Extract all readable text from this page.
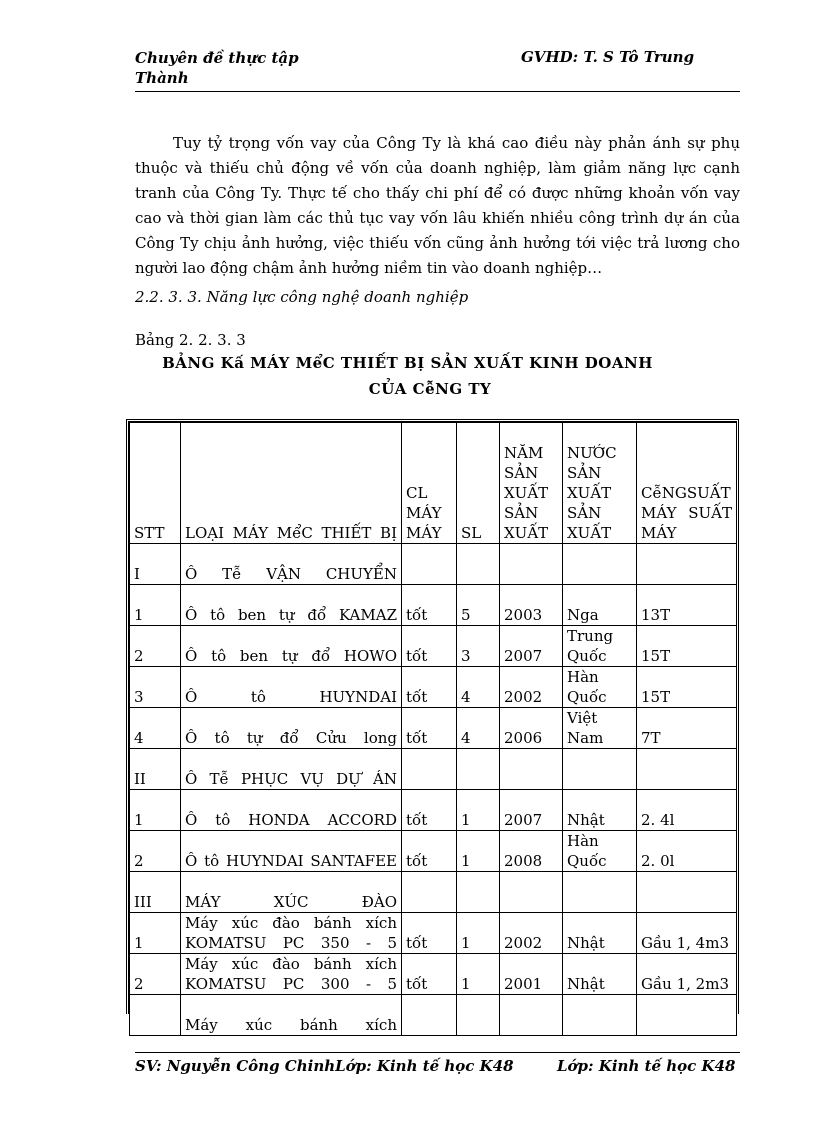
Chuyên đề thực tập
Thành
GVHD: T. S Tô Trung
Tuy tỷ trọng vốn vay của Công Ty là khá cao điều này phản ánh sự phụ thuộc và thiếu chủ động về vốn của doanh nghiệp, làm giảm năng lực cạnh tranh của Công Ty. Thực tế cho thấy chi phí để có được những khoản vốn vay cao và thời gian làm các thủ tục vay vốn lâu khiến nhiều công trình dự án của Công Ty chịu ảnh hưởng, việc thiếu vốn cũng ảnh hưởng tới việc trả lương cho người lao động chậm ảnh hưởng niềm tin vào doanh nghiệp…
2.2. 3. 3. Năng lực công nghệ doanh nghiệp
Bảng 2. 2. 3. 3
BẢNG Kấ MÁY MểC THIẾT BỊ SẢN XUẤT KINH DOANH
CỦA CễNG TY
STT	LOẠI MÁY MểC THIẾT BỊ	CL MÁY MÁY	SL	NĂM SẢN XUẤT SẢN XUẤT	NƯỚC SẢN XUẤT SẢN XUẤT	CễNGSUẤT MÁY SUẤT MÁY
I	Ô Tễ VẬN CHUYỂN					
1	Ô tô ben tự đổ KAMAZ	tốt	5	2003	Nga	13T
2	Ô tô ben tự đổ HOWO	tốt	3	2007	Trung Quốc	15T
3	Ô tô HUYNDAI	tốt	4	2002	Hàn Quốc	15T
4	Ô tô tự đổ Cửu long	tốt	4	2006	Việt Nam	7T
II	Ô Tễ PHỤC VỤ DỰ ÁN					
1	Ô tô HONDA ACCORD	tốt	1	2007	Nhật	2. 4l
2	Ô tô HUYNDAI SANTAFEE	tốt	1	2008	Hàn Quốc	2. 0l
III	MÁY XÚC ĐÀO					
1	Máy xúc đào bánh xích KOMATSU PC 350 - 5	tốt	1	2002	Nhật	Gầu 1, 4m3
2	Máy xúc đào bánh xích KOMATSU PC 300 - 5	tốt	1	2001	Nhật	Gầu 1, 2m3
	Máy xúc bánh xích					
SV: Nguyễn Công ChinhLớp: Kinh tế học K48	Lớp: Kinh tế học K48
